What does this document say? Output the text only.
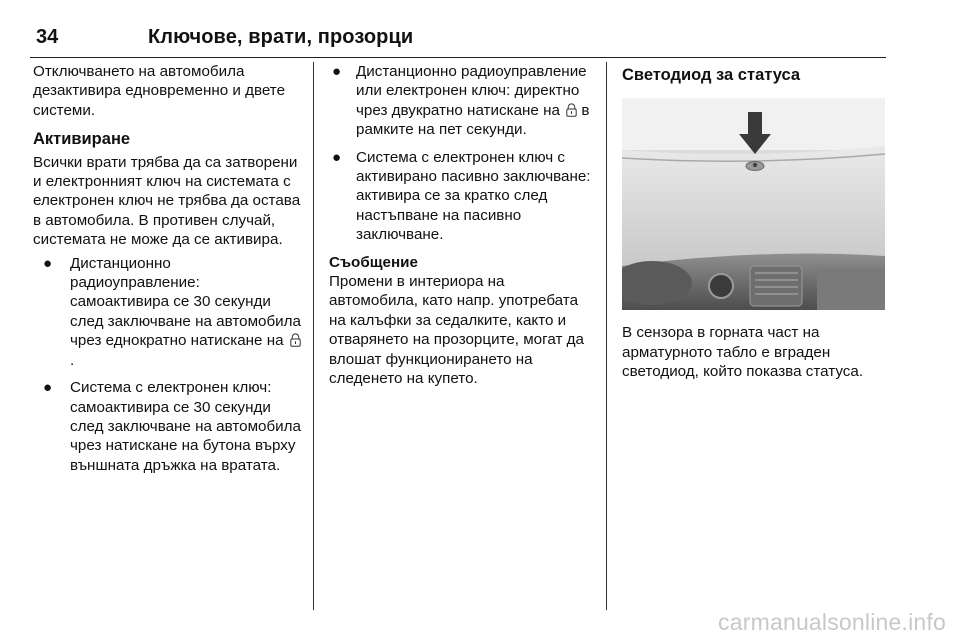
34	Ключове, врати, прозорци

Отключването на автомобила дезактивира едновременно и двете системи.

Активиране

Всички врати трябва да са затворени и електронният ключ на системата с електронен ключ не трябва да остава в автомобила. В противен случай, системата не може да се активира.

● Дистанционно радиоуправление: самоактивира се 30 секунди след заключване на автомобила чрез еднократно натискане на .
● Система с електронен ключ: самоактивира се 30 секунди след заключване на автомобила чрез натискане на бутона върху външната дръжка на вратата.
● Дистанционно радиоуправление или електронен ключ: директно чрез двукратно натискане на в рамките на пет секунди.
● Система с електронен ключ с активирано пасивно заключване: активира се за кратко след настъпване на пасивно заключване.

Съобщение

Промени в интериора на автомобила, като напр. употребата на калъфки за седалките, както и отварянето на прозорците, могат да влошат функционирането на следенето на купето.

Светодиод за статуса

В сензора в горната част на арматурното табло е вграден светодиод, който показва статуса.

carmanualsonline.info
